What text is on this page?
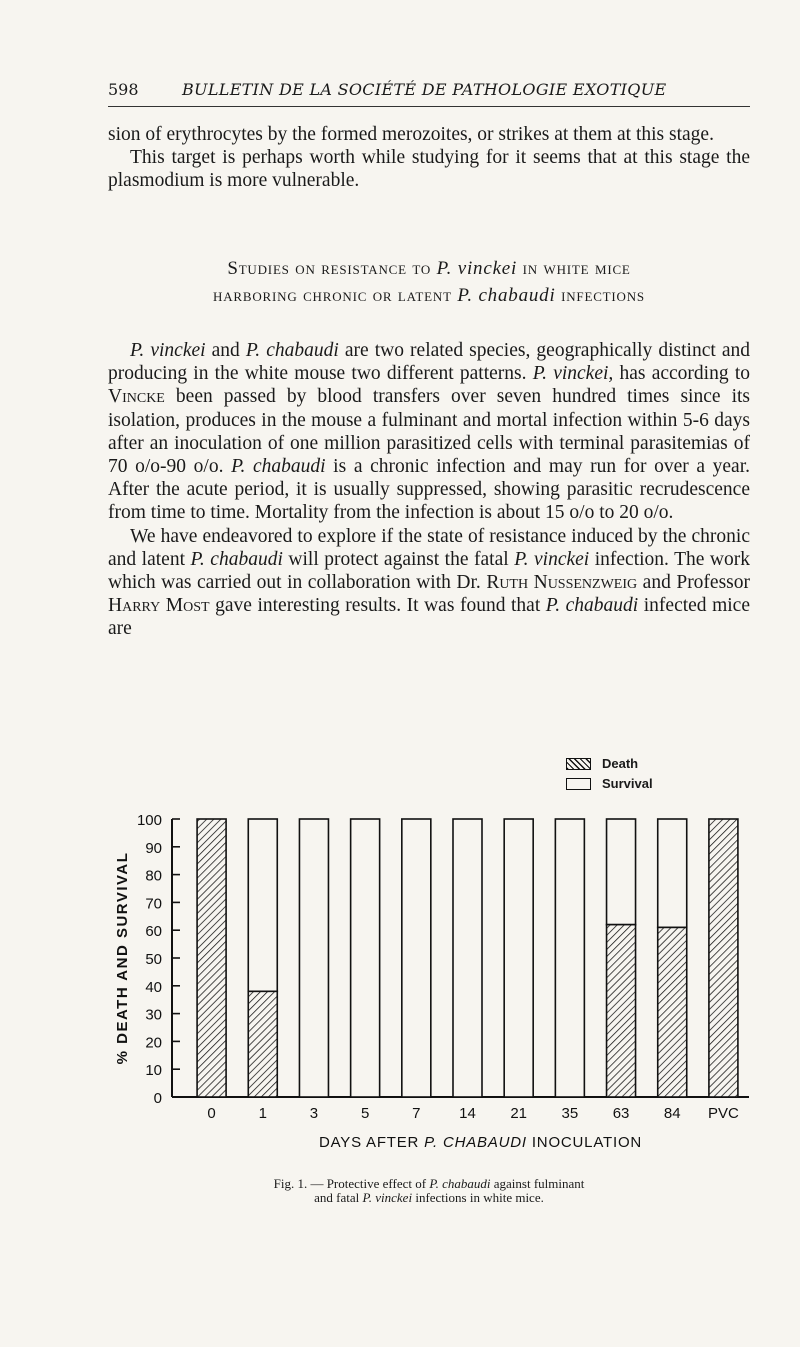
598	BULLETIN DE LA SOCIÉTÉ DE PATHOLOGIE EXOTIQUE

sion of erythrocytes by the formed merozoites, or strikes at them at this stage.

This target is perhaps worth while studying for it seems that at this stage the plasmodium is more vulnerable.

Studies on resistance to P. vinckei in white mice
harboring chronic or latent P. chabaudi infections

P. vinckei and P. chabaudi are two related species, geographically distinct and producing in the white mouse two different patterns. P. vinckei, has according to Vincke been passed by blood transfers over seven hundred times since its isolation, produces in the mouse a fulminant and mortal infection within 5-6 days after an inoculation of one million parasitized cells with terminal parasitemias of 70 o/o-90 o/o. P. chabaudi is a chronic infection and may run for over a year. After the acute period, it is usually suppressed, showing parasitic recrudescence from time to time. Mortality from the infection is about 15 o/o to 20 o/o.

We have endeavored to explore if the state of resistance induced by the chronic and latent P. chabaudi will protect against the fatal P. vinckei infection. The work which was carried out in collaboration with Dr. Ruth Nussenzweig and Professor Harry Most gave interesting results. It was found that P. chabaudi infected mice are

Death
Survival
0
10
20
30
40
50
60
70
80
90
100
% DEATH AND SURVIVAL
0	1	3	5	7	14 21 35 63 84 PVC
DAYS AFTER P. CHABAUDI INOCULATION
Fig. 1. — Protective effect of P. chabaudi against fulminant
and fatal P. vinckei infections in white mice.
